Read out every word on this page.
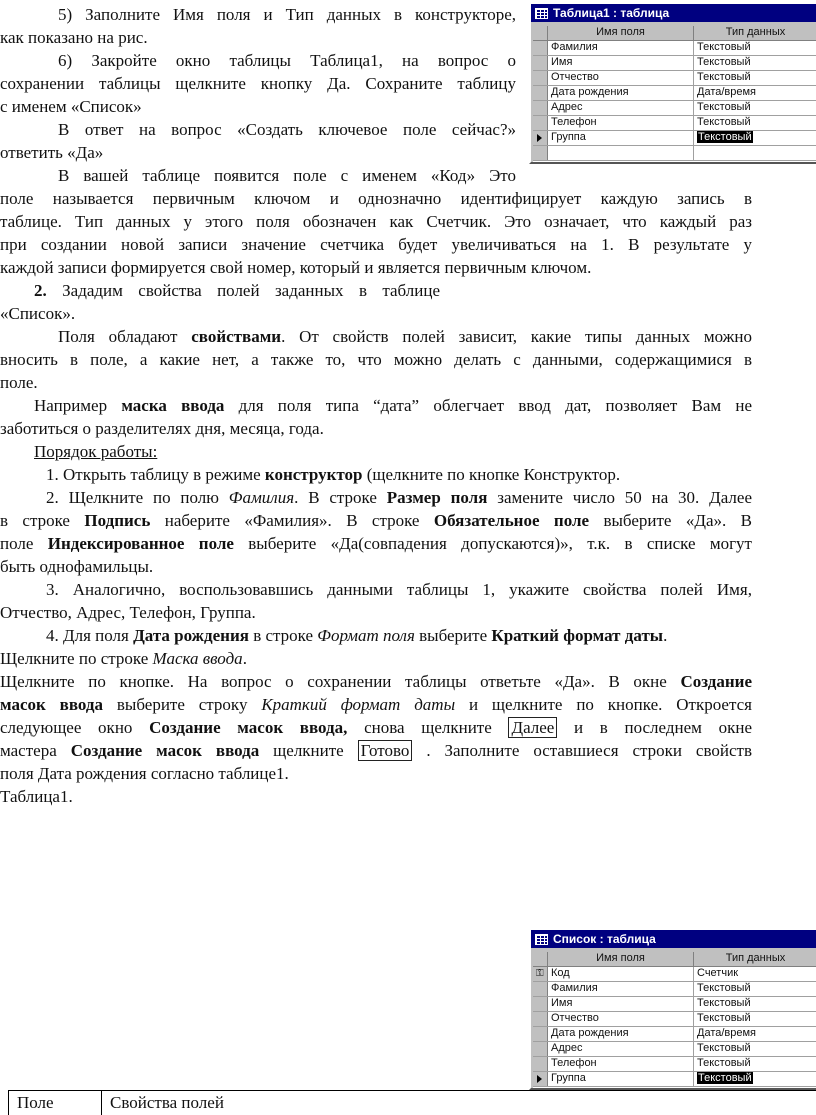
5) Заполните Имя поля и Тип данных в конструкторе,
как показано на рис.
6) Закройте окно таблицы Таблица1, на вопрос о
сохранении таблицы щелкните кнопку Да. Сохраните таблицу
с именем «Список»
В ответ на вопрос «Создать ключевое поле сейчас?»
ответить «Да»
В вашей таблице появится поле с именем «Код» Это
поле называется первичным ключом и однозначно идентифицирует каждую запись в
таблице. Тип данных у этого поля обозначен как Счетчик. Это означает, что каждый раз
при создании новой записи значение счетчика будет увеличиваться на 1. В результате у
каждой записи формируется свой номер, который и является первичным ключом.
2. Зададим свойства полей заданных в таблице
«Список».
Поля обладают свойствами. От свойств полей зависит, какие типы данных можно
вносить в поле, а какие нет, а также то, что можно делать с данными, содержащимися в
поле.
Например маска ввода для поля типа “дата” облегчает ввод дат, позволяет Вам не
заботиться о разделителях дня, месяца, года.
Порядок работы:
1. Открыть таблицу в режиме конструктор (щелкните по кнопке Конструктор.
2. Щелкните по полю Фамилия. В строке Размер поля замените число 50 на 30. Далее
в строке Подпись наберите «Фамилия». В строке Обязательное поле выберите «Да». В
поле Индексированное поле выберите «Да(совпадения допускаются)», т.к. в списке могут
быть однофамильцы.
3. Аналогично, воспользовавшись данными таблицы 1, укажите свойства полей Имя,
Отчество, Адрес, Телефон, Группа.
4. Для поля Дата рождения в строке Формат поля выберите Краткий формат даты.
Щелкните по строке Маска ввода.
Щелкните по кнопке. На вопрос о сохранении таблицы ответьте «Да». В окне Создание
масок ввода выберите строку Краткий формат даты и щелкните по кнопке. Откроется
следующее окно Создание масок ввода, снова щелкните Далее и в последнем окне
мастера Создание масок ввода щелкните Готово . Заполните оставшиеся строки свойств
поля Дата рождения согласно таблице1.
Таблица1.
Таблица1 : таблица
Имя поля	Тип данных
Фамилия	Текстовый
Имя	Текстовый
Отчество	Текстовый
Дата рождения	Дата/время
Адрес	Текстовый
Телефон	Текстовый
Группа	Текстовый
Список : таблица
Имя поля	Тип данных
⚿ Код	Счетчик
Фамилия	Текстовый
Имя	Текстовый
Отчество	Текстовый
Дата рождения	Дата/время
Адрес	Текстовый
Телефон	Текстовый
Группа	Текстовый
Поле	Свойства полей
